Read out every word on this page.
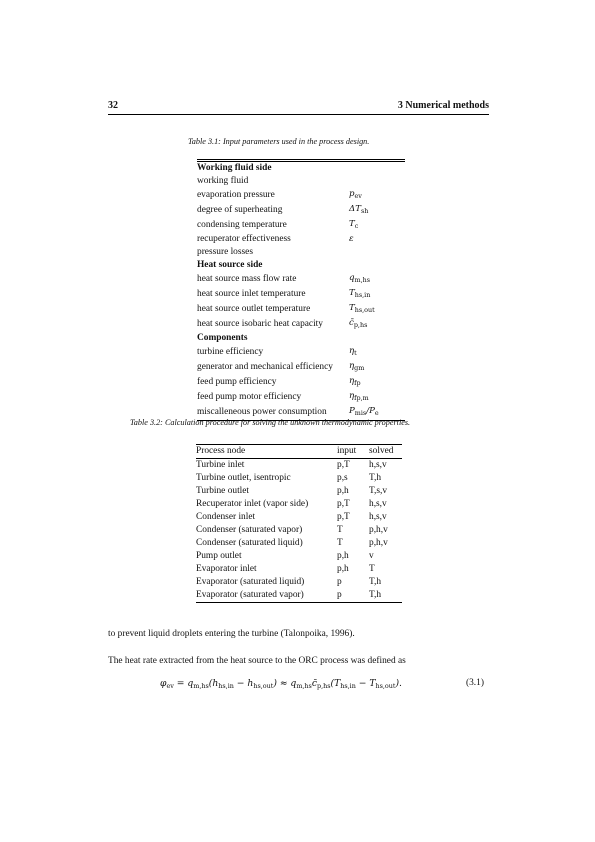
32	3 Numerical methods
Table 3.1: Input parameters used in the process design.
Working fluid side	
working fluid	
evaporation pressure	$p_{ev}$
degree of superheating	$\Delta T_{sh}$
condensing temperature	$T_c$
recuperator effectiveness	ε
pressure losses	
Heat source side	
heat source mass flow rate	$q_{m,hs}$
heat source inlet temperature	$T_{hs,in}$
heat source outlet temperature	$T_{hs,out}$
heat source isobaric heat capacity	$c̄_{p,hs}$
Components	
turbine efficiency	$\eta_t$
generator and mechanical efficiency	$\eta_{gm}$
feed pump efficiency	$\eta_{fp}$
feed pump motor efficiency	$\eta_{fp,m}$
miscalleneous power consumption	$P_{mis}/P_e$
Table 3.2: Calculation procedure for solving the unknown thermodynamic properties.
Process node	input	solved
Turbine inlet	p,T	h,s,v
Turbine outlet, isentropic	p,s	T,h
Turbine outlet	p,h	T,s,v
Recuperator inlet (vapor side)	p,T	h,s,v
Condenser inlet	p,T	h,s,v
Condenser (saturated vapor)	T	p,h,v
Condenser (saturated liquid)	T	p,h,v
Pump outlet	p,h	v
Evaporator inlet	p,h	T
Evaporator (saturated liquid)	p	T,h
Evaporator (saturated vapor)	p	T,h
to prevent liquid droplets entering the turbine (Talonpoika, 1996).
The heat rate extracted from the heat source to the ORC process was defined as
$\varphi_{ev} = q_{m,hs}(h_{hs,in} - h_{hs,out})$ ≈ $q_{m,hs}c̄_{p,hs}(T_{hs,in} - T_{hs,out})$.	(3.1)
